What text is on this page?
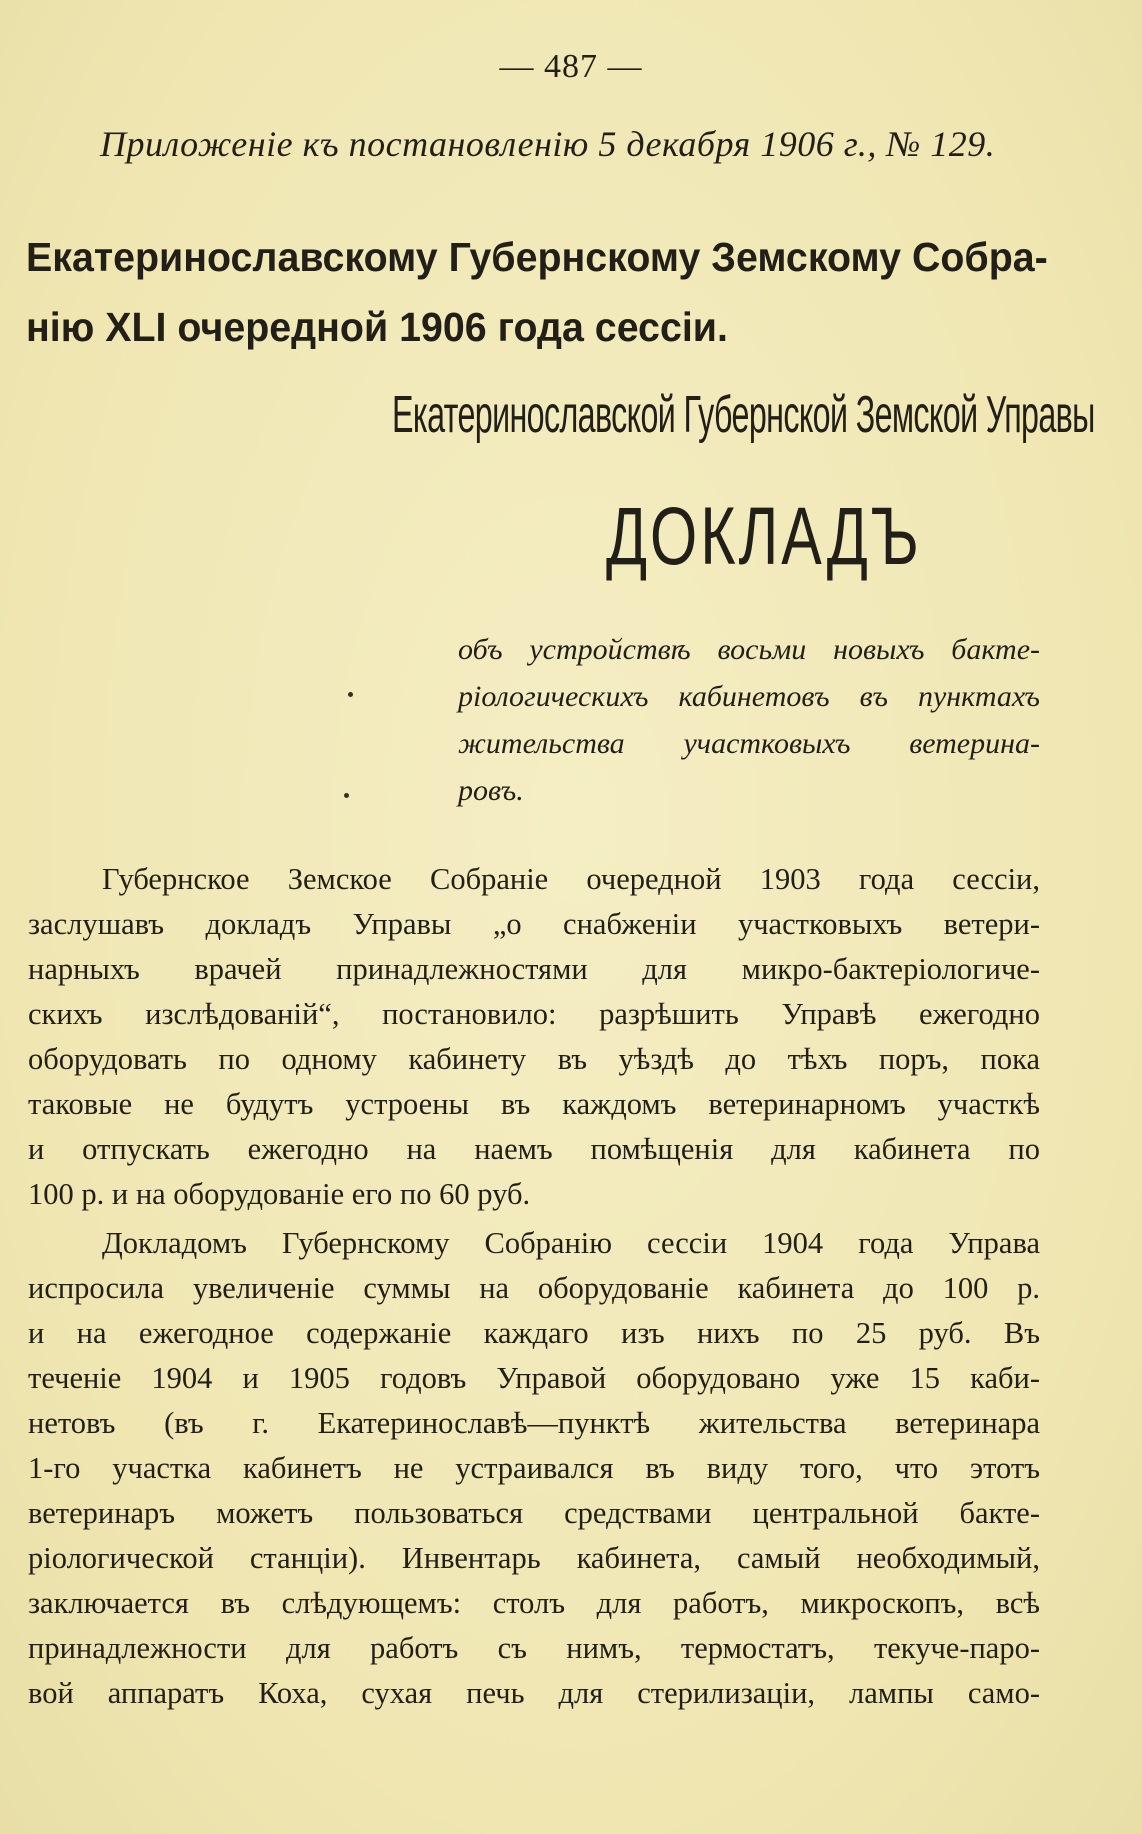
— 487 —
Приложеніе къ постановленію 5 декабря 1906 г., № 129.
Екатеринославскому Губернскому Земскому Собра-
нію XLI очередной 1906 года сессіи.
Екатеринославской Губернской Земской Управы
ДОКЛАДЪ
объ устройствѣ восьми новыхъ бакте-
ріологическихъ кабинетовъ въ пунктахъ
жительства участковыхъ ветерина-
ровъ.

Губернское Земское Собраніе очередной 1903 года сессіи,
заслушавъ докладъ Управы „о снабженіи участковыхъ ветери-
нарныхъ врачей принадлежностями для микро-бактеріологиче-
скихъ изслѣдованій“, постановило: разрѣшить Управѣ ежегодно
оборудовать по одному кабинету въ уѣздѣ до тѣхъ поръ, пока
таковые не будутъ устроены въ каждомъ ветеринарномъ участкѣ
и отпускать ежегодно на наемъ помѣщенія для кабинета по
100 р. и на оборудованіе его по 60 руб.

Докладомъ Губернскому Собранію сессіи 1904 года Управа
испросила увеличеніе суммы на оборудованіе кабинета до 100 р.
и на ежегодное содержаніе каждаго изъ нихъ по 25 руб. Въ
теченіе 1904 и 1905 годовъ Управой оборудовано уже 15 каби-
нетовъ (въ г. Екатеринославѣ—пунктѣ жительства ветеринара
1-го участка кабинетъ не устраивался въ виду того, что этотъ
ветеринаръ можетъ пользоваться средствами центральной бакте-
ріологической станціи). Инвентарь кабинета, самый необходимый,
заключается въ слѣдующемъ: столъ для работъ, микроскопъ, всѣ
принадлежности для работъ съ нимъ, термостатъ, текуче-паро-
вой аппаратъ Коха, сухая печь для стерилизаціи, лампы само-
